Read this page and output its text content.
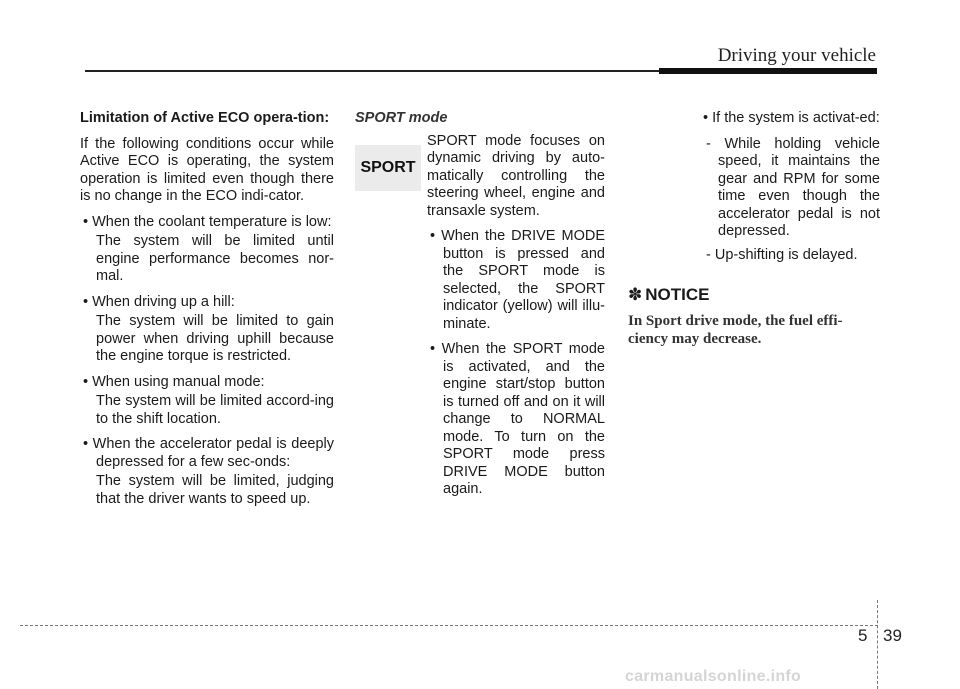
Driving your vehicle
Limitation of Active ECO opera-tion:
If the following conditions occur while Active ECO is operating, the system operation is limited even though there is no change in the ECO indi-cator.
• When the coolant temperature is low:
The system will be limited until engine performance becomes nor-mal.
• When driving up a hill:
The system will be limited to gain power when driving uphill because the engine torque is restricted.
• When using manual mode:
The system will be limited accord-ing to the shift location.
• When the accelerator pedal is deeply depressed for a few sec-onds:
The system will be limited, judging that the driver wants to speed up.
SPORT mode
SPORT
SPORT mode focuses on dynamic driving by auto-matically controlling the steering wheel, engine and transaxle system.
• When the DRIVE MODE button is pressed and the SPORT mode is selected, the SPORT indicator (yellow) will illu-minate.
• When the SPORT mode is activated, and the engine start/stop button is turned off and on it will change to NORMAL mode. To turn on the SPORT mode press DRIVE MODE button again.
• If the system is activat-ed:
- While holding vehicle speed, it maintains the gear and RPM for some time even though the accelerator pedal is not depressed.
- Up-shifting is delayed.
✽ NOTICE
In Sport drive mode, the fuel effi-ciency may decrease.
5 39
carmanualsonline.info
